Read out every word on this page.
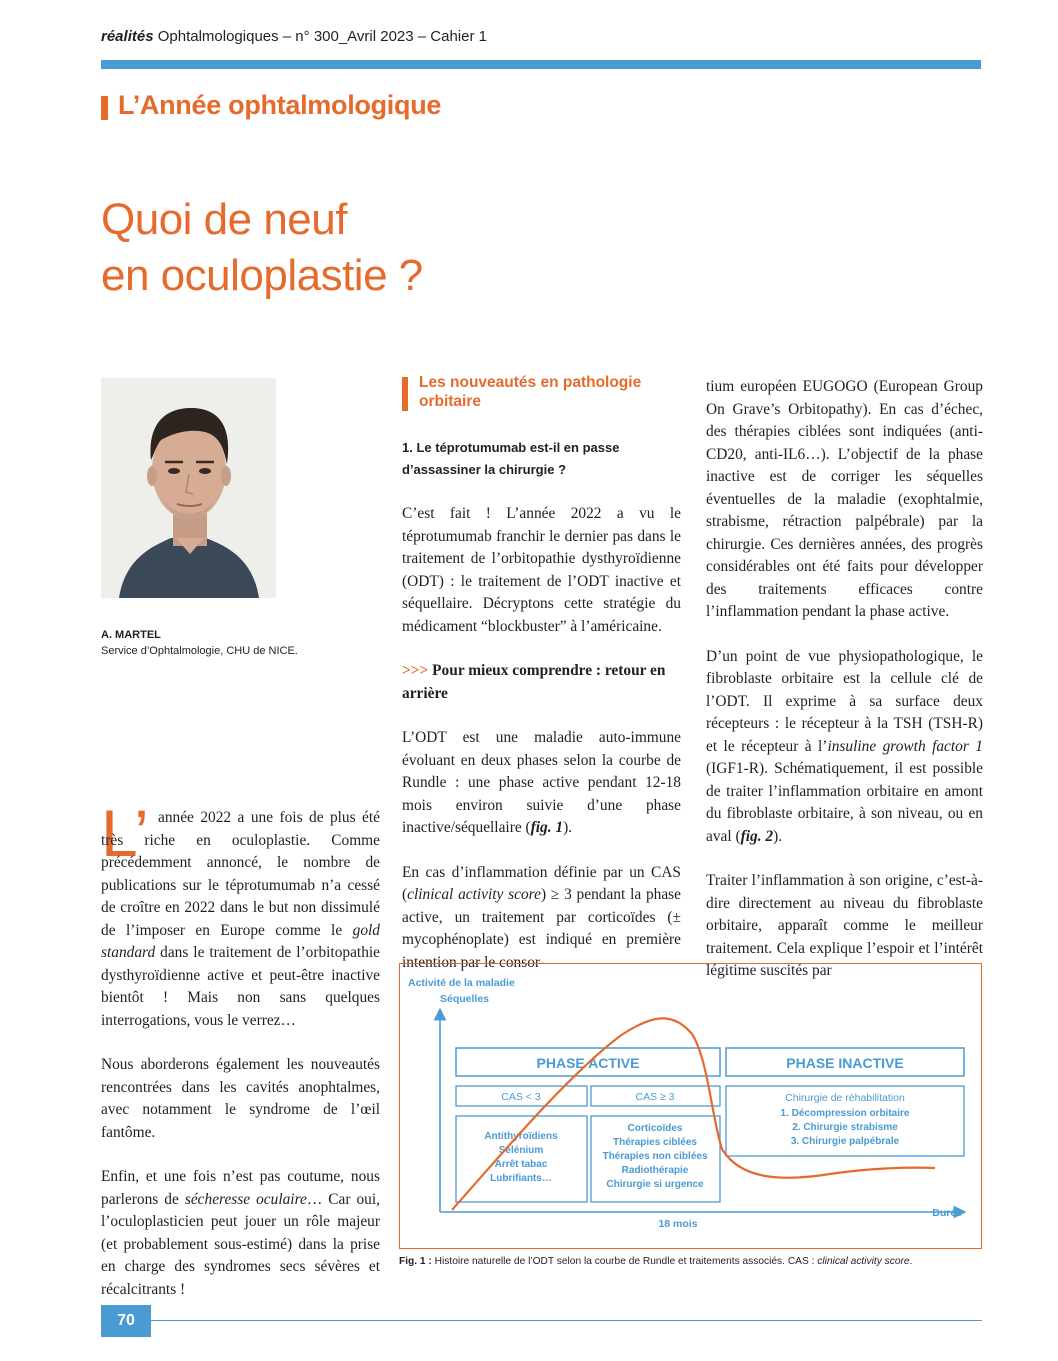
réalités Ophtalmologiques – n° 300_Avril 2023 – Cahier 1
L’Année ophtalmologique
Quoi de neuf
en oculoplastie ?
A. MARTEL
Service d’Ophtalmologie, CHU de NICE.
L’ année 2022 a une fois de plus été très riche en oculoplastie. Comme précédemment annoncé, le nombre de publications sur le téprotumumab n’a cessé de croître en 2022 dans le but non dissimulé de l’imposer en Europe comme le gold standard dans le traitement de l’orbitopathie dysthyroïdienne active et peut-être inactive bientôt ! Mais non sans quelques interrogations, vous le verrez…

Nous aborderons également les nouveautés rencontrées dans les cavités anophtalmes, avec notamment le syndrome de l’œil fantôme.

Enfin, et une fois n’est pas coutume, nous parlerons de sécheresse oculaire… Car oui, l’oculoplasticien peut jouer un rôle majeur (et probablement sous-estimé) dans la prise en charge des syndromes secs sévères et récalcitrants !

Les nouveautés en pathologie orbitaire

1. Le téprotumumab est-il en passe d’assassiner la chirurgie ?

C’est fait ! L’année 2022 a vu le téprotumumab franchir le dernier pas dans le traitement de l’orbitopathie dysthyroïdienne (ODT) : le traitement de l’ODT inactive et séquellaire. Décryptons cette stratégie du médicament “blockbuster” à l’américaine.

>>> Pour mieux comprendre : retour en arrière

L’ODT est une maladie auto-immune évoluant en deux phases selon la courbe de Rundle : une phase active pendant 12-18 mois environ suivie d’une phase inactive/séquellaire (fig. 1).

En cas d’inflammation définie par un CAS (clinical activity score) ≥ 3 pendant la phase active, un traitement par corticoïdes (± mycophénoplate) est indiqué en première intention par le consor-

tium européen EUGOGO (European Group On Grave’s Orbitopathy). En cas d’échec, des thérapies ciblées sont indiquées (anti-CD20, anti-IL6…). L’objectif de la phase inactive est de corriger les séquelles éventuelles de la maladie (exophtalmie, strabisme, rétraction palpébrale) par la chirurgie. Ces dernières années, des progrès considérables ont été faits pour développer des traitements efficaces contre l’inflammation pendant la phase active.

D’un point de vue physiopathologique, le fibroblaste orbitaire est la cellule clé de l’ODT. Il exprime à sa surface deux récepteurs : le récepteur à la TSH (TSH-R) et le récepteur à l’insuline growth factor 1 (IGF1-R). Schématiquement, il est possible de traiter l’inflammation orbitaire en amont du fibroblaste orbitaire, à son niveau, ou en aval (fig. 2).

Traiter l’inflammation à son origine, c’est-à-dire directement au niveau du fibroblaste orbitaire, apparaît comme le meilleur traitement. Cela explique l’espoir et l’intérêt légitime suscités par

Activité de la maladie
Séquelles
PHASE ACTIVE	PHASE INACTIVE
CAS < 3	CAS ≥ 3	Chirurgie de réhabilitation
1. Décompression orbitaire
2. Chirurgie strabisme
3. Chirurgie palpébrale
Antithyroïdiens
Sélénium
Arrêt tabac
Lubrifiants…
Corticoïdes
Thérapies ciblées
Thérapies non ciblées
Radiothérapie
Chirurgie si urgence
18 mois
Durée
Fig. 1 : Histoire naturelle de l’ODT selon la courbe de Rundle et traitements associés. CAS : clinical activity score.
70
